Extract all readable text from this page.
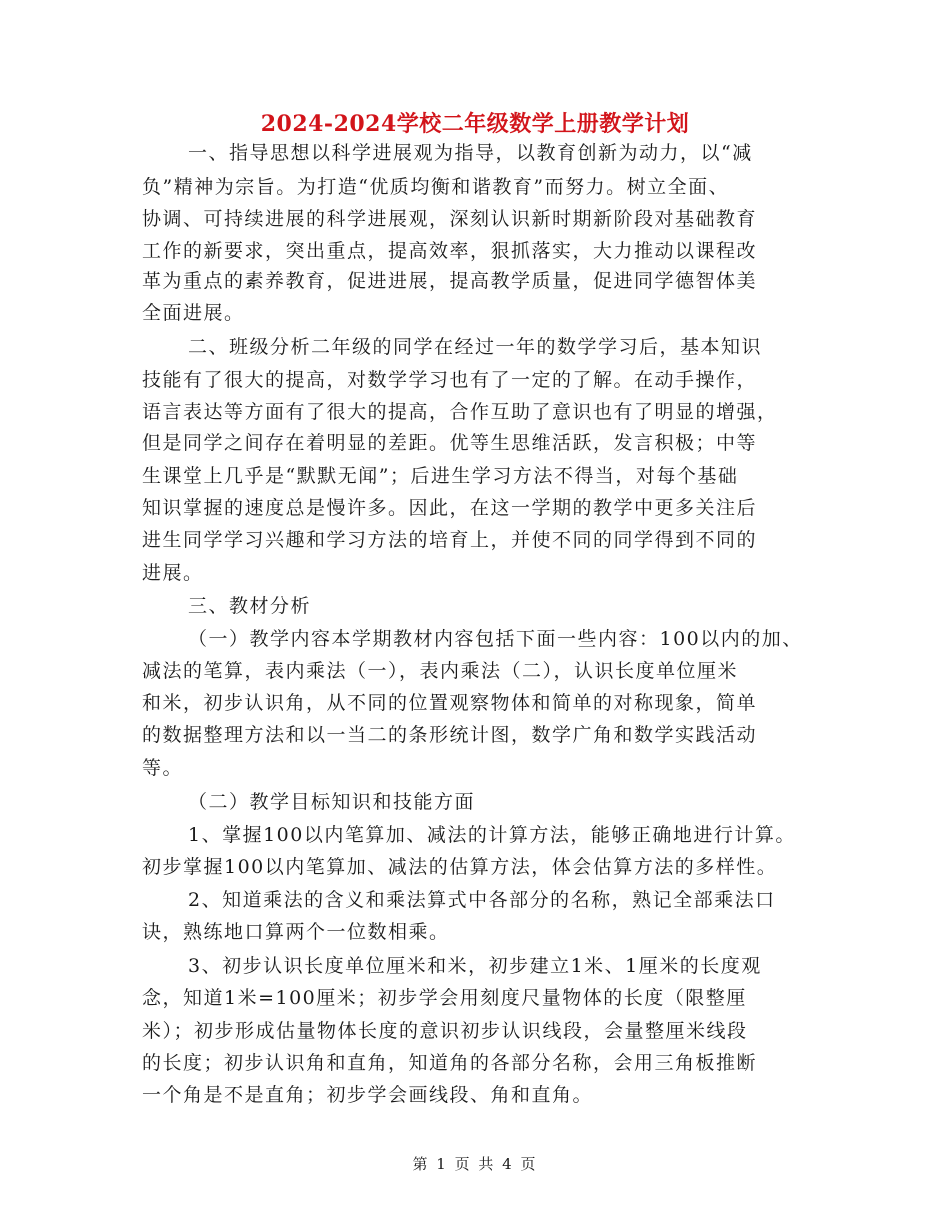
2024-2024学校二年级数学上册教学计划
一、指导思想以科学进展观为指导，以教育创新为动力，以“减
负”精神为宗旨。为打造“优质均衡和谐教育”而努力。树立全面、
协调、可持续进展的科学进展观，深刻认识新时期新阶段对基础教育
工作的新要求，突出重点，提高效率，狠抓落实，大力推动以课程改
革为重点的素养教育，促进进展，提高教学质量，促进同学德智体美
全面进展。
二、班级分析二年级的同学在经过一年的数学学习后，基本知识
技能有了很大的提高，对数学学习也有了一定的了解。在动手操作，
语言表达等方面有了很大的提高，合作互助了意识也有了明显的增强，
但是同学之间存在着明显的差距。优等生思维活跃，发言积极；中等
生课堂上几乎是“默默无闻”；后进生学习方法不得当，对每个基础
知识掌握的速度总是慢许多。因此，在这一学期的教学中更多关注后
进生同学学习兴趣和学习方法的培育上，并使不同的同学得到不同的
进展。
三、教材分析
（一）教学内容本学期教材内容包括下面一些内容：100以内的加、
减法的笔算，表内乘法（一），表内乘法（二），认识长度单位厘米
和米，初步认识角，从不同的位置观察物体和简单的对称现象，简单
的数据整理方法和以一当二的条形统计图，数学广角和数学实践活动
等。
（二）教学目标知识和技能方面
1、掌握100以内笔算加、减法的计算方法，能够正确地进行计算。
初步掌握100以内笔算加、减法的估算方法，体会估算方法的多样性。
2、知道乘法的含义和乘法算式中各部分的名称，熟记全部乘法口
诀，熟练地口算两个一位数相乘。
3、初步认识长度单位厘米和米，初步建立1米、1厘米的长度观
念，知道1米=100厘米；初步学会用刻度尺量物体的长度（限整厘
米）；初步形成估量物体长度的意识初步认识线段，会量整厘米线段
的长度；初步认识角和直角，知道角的各部分名称，会用三角板推断
一个角是不是直角；初步学会画线段、角和直角。
第 1 页 共 4 页
